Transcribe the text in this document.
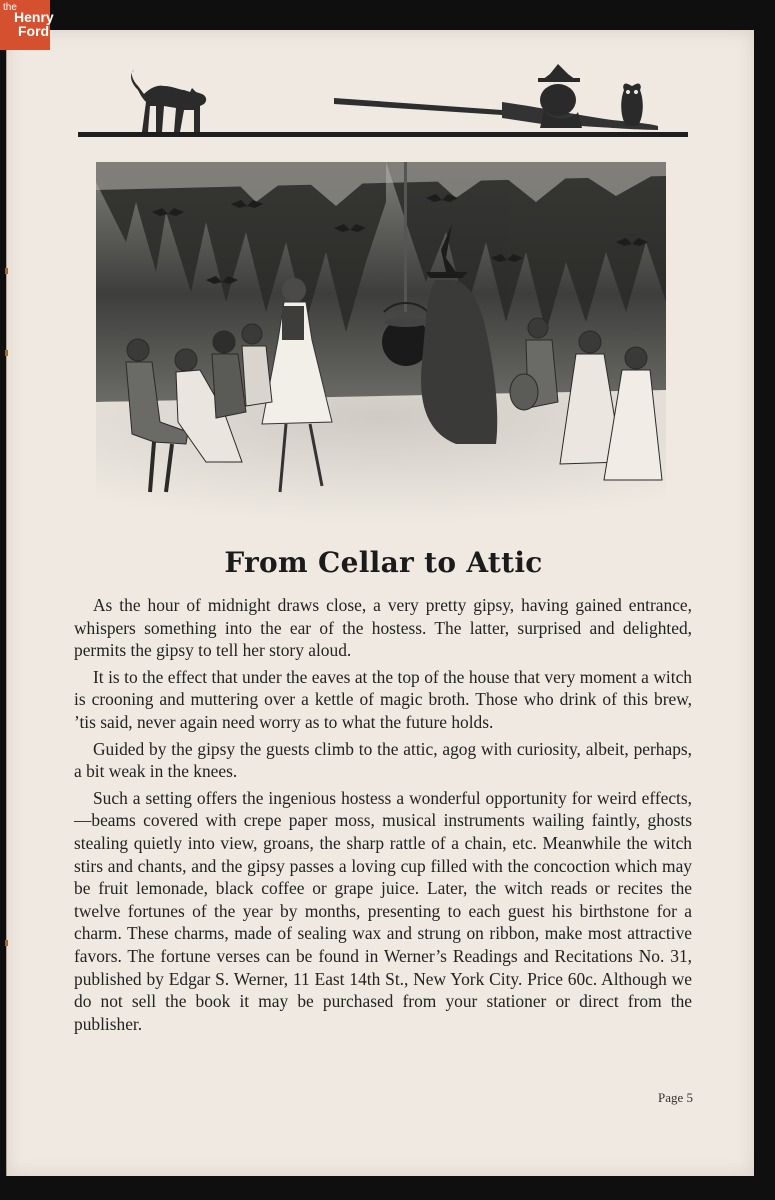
the
Henry
Ford
From Cellar to Attic

As the hour of midnight draws close, a very pretty gipsy, having gained entrance, whispers something into the ear of the hostess. The latter, surprised and delighted, permits the gipsy to tell her story aloud.

It is to the effect that under the eaves at the top of the house that very moment a witch is crooning and muttering over a kettle of magic broth. Those who drink of this brew, ’tis said, never again need worry as to what the future holds.

Guided by the gipsy the guests climb to the attic, agog with curiosity, albeit, perhaps, a bit weak in the knees.

Such a setting offers the ingenious hostess a wonderful opportunity for weird effects,—beams covered with crepe paper moss, musical instruments wailing faintly, ghosts stealing quietly into view, groans, the sharp rattle of a chain, etc. Meanwhile the witch stirs and chants, and the gipsy passes a loving cup filled with the concoction which may be fruit lemonade, black coffee or grape juice. Later, the witch reads or recites the twelve fortunes of the year by months, presenting to each guest his birthstone for a charm. These charms, made of sealing wax and strung on ribbon, make most attractive favors. The fortune verses can be found in Werner’s Readings and Recitations No. 31, published by Edgar S. Werner, 11 East 14th St., New York City. Price 60c. Although we do not sell the book it may be purchased from your stationer or direct from the publisher.

Page 5
